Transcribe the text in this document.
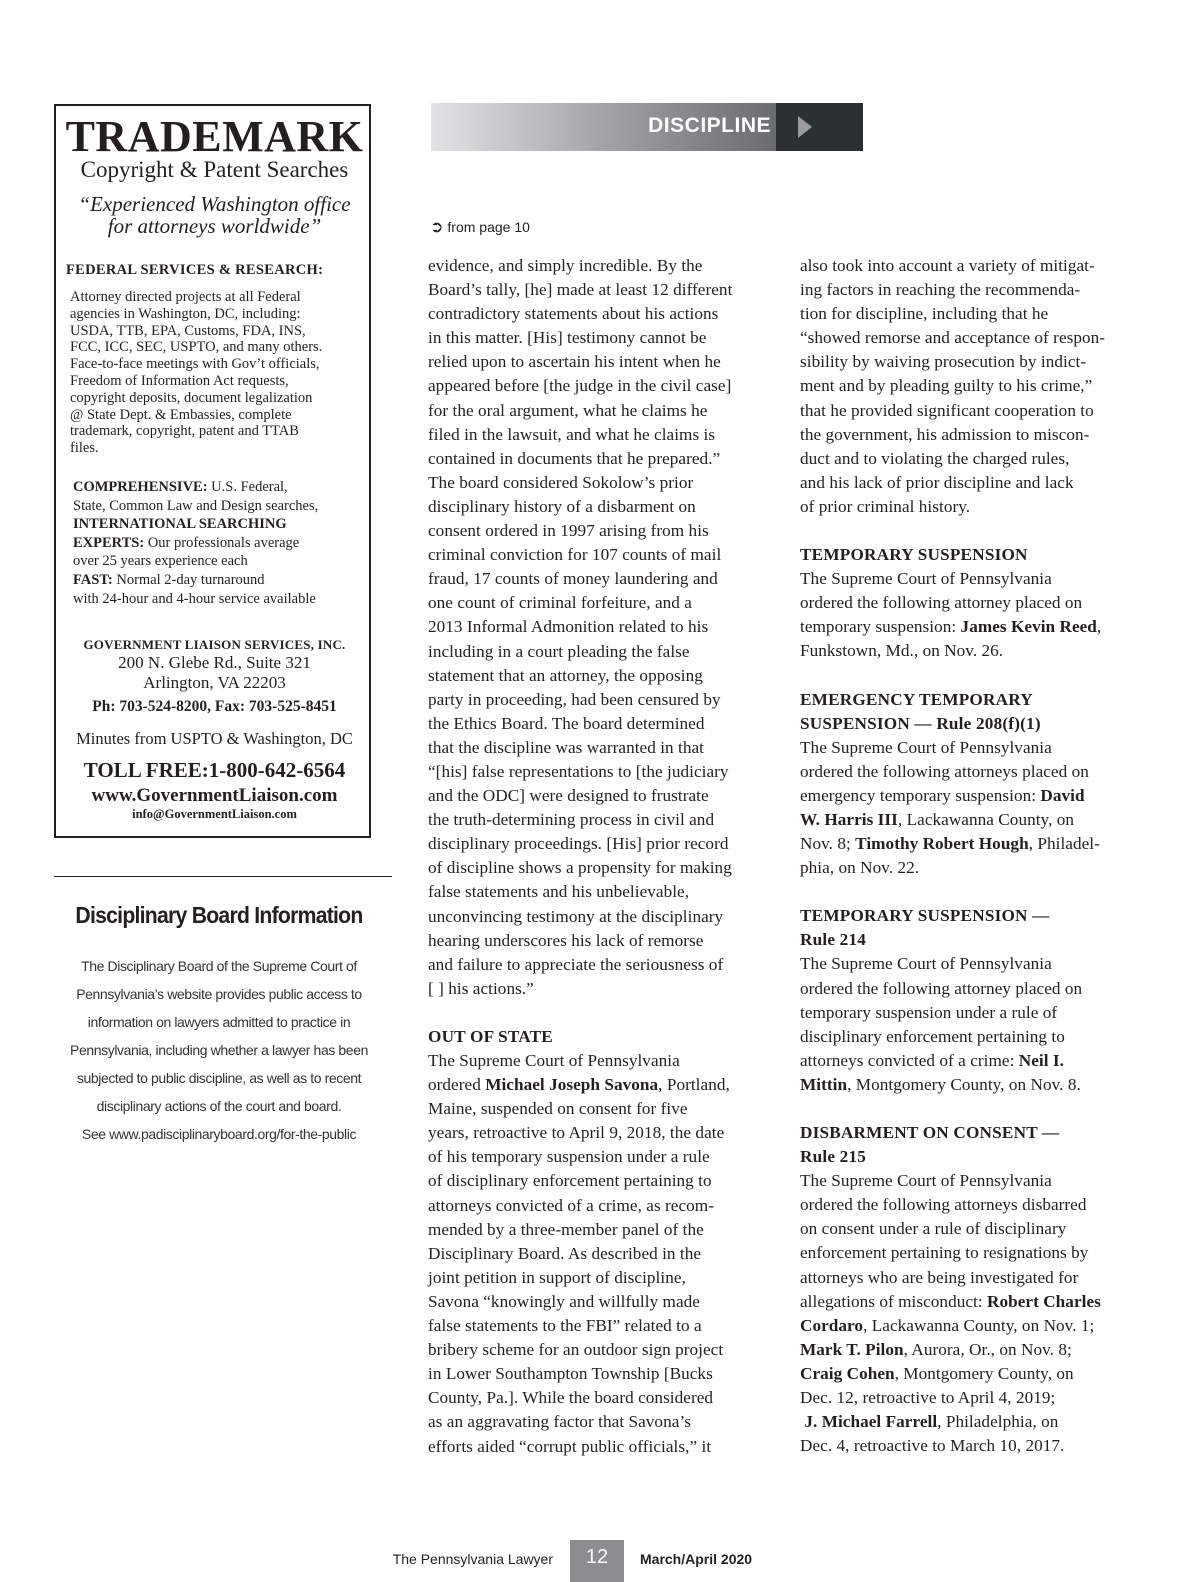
TRADEMARK
Copyright & Patent Searches
“Experienced Washington office
for attorneys worldwide”
FEDERAL SERVICES & RESEARCH:
Attorney directed projects at all Federal
agencies in Washington, DC, including:
USDA, TTB, EPA, Customs, FDA, INS,
FCC, ICC, SEC, USPTO, and many others.
Face-to-face meetings with Gov’t officials,
Freedom of Information Act requests,
copyright deposits, document legalization
@ State Dept. & Embassies, complete
trademark, copyright, patent and TTAB
files.
COMPREHENSIVE: U.S. Federal,
State, Common Law and Design searches,
INTERNATIONAL SEARCHING
EXPERTS: Our professionals average
over 25 years experience each
FAST: Normal 2-day turnaround
with 24-hour and 4-hour service available
GOVERNMENT LIAISON SERVICES, INC.
200 N. Glebe Rd., Suite 321
Arlington, VA 22203
Ph: 703-524-8200, Fax: 703-525-8451
Minutes from USPTO & Washington, DC
TOLL FREE:1-800-642-6564
www.GovernmentLiaison.com
info@GovernmentLiaison.com
Disciplinary Board Information
The Disciplinary Board of the Supreme Court of
Pennsylvania’s website provides public access to
information on lawyers admitted to practice in
Pennsylvania, including whether a lawyer has been
subjected to public discipline, as well as to recent
disciplinary actions of the court and board.
See www.padisciplinaryboard.org/for-the-public
DISCIPLINE
➲ from page 10
evidence, and simply incredible. By the
Board’s tally, [he] made at least 12 different
contradictory statements about his actions
in this matter. [His] testimony cannot be
relied upon to ascertain his intent when he
appeared before [the judge in the civil case]
for the oral argument, what he claims he
filed in the lawsuit, and what he claims is
contained in documents that he prepared.”
The board considered Sokolow’s prior
disciplinary history of a disbarment on
consent ordered in 1997 arising from his
criminal conviction for 107 counts of mail
fraud, 17 counts of money laundering and
one count of criminal forfeiture, and a
2013 Informal Admonition related to his
including in a court pleading the false
statement that an attorney, the opposing
party in proceeding, had been censured by
the Ethics Board. The board determined
that the discipline was warranted in that
“[his] false representations to [the judiciary
and the ODC] were designed to frustrate
the truth-determining process in civil and
disciplinary proceedings. [His] prior record
of discipline shows a propensity for making
false statements and his unbelievable,
unconvincing testimony at the disciplinary
hearing underscores his lack of remorse
and failure to appreciate the seriousness of
[ ] his actions.”
OUT OF STATE
The Supreme Court of Pennsylvania
ordered Michael Joseph Savona, Portland,
Maine, suspended on consent for five
years, retroactive to April 9, 2018, the date
of his temporary suspension under a rule
of disciplinary enforcement pertaining to
attorneys convicted of a crime, as recom-
mended by a three-member panel of the
Disciplinary Board. As described in the
joint petition in support of discipline,
Savona “knowingly and willfully made
false statements to the FBI” related to a
bribery scheme for an outdoor sign project
in Lower Southampton Township [Bucks
County, Pa.]. While the board considered
as an aggravating factor that Savona’s
efforts aided “corrupt public officials,” it
also took into account a variety of mitigat-
ing factors in reaching the recommenda-
tion for discipline, including that he
“showed remorse and acceptance of respon-
sibility by waiving prosecution by indict-
ment and by pleading guilty to his crime,”
that he provided significant cooperation to
the government, his admission to miscon-
duct and to violating the charged rules,
and his lack of prior discipline and lack
of prior criminal history.
TEMPORARY SUSPENSION
The Supreme Court of Pennsylvania
ordered the following attorney placed on
temporary suspension: James Kevin Reed,
Funkstown, Md., on Nov. 26.
EMERGENCY TEMPORARY
SUSPENSION — Rule 208(f)(1)
The Supreme Court of Pennsylvania
ordered the following attorneys placed on
emergency temporary suspension: David
W. Harris III, Lackawanna County, on
Nov. 8; Timothy Robert Hough, Philadel-
phia, on Nov. 22.
TEMPORARY SUSPENSION —
Rule 214
The Supreme Court of Pennsylvania
ordered the following attorney placed on
temporary suspension under a rule of
disciplinary enforcement pertaining to
attorneys convicted of a crime: Neil I.
Mittin, Montgomery County, on Nov. 8.
DISBARMENT ON CONSENT —
Rule 215
The Supreme Court of Pennsylvania
ordered the following attorneys disbarred
on consent under a rule of disciplinary
enforcement pertaining to resignations by
attorneys who are being investigated for
allegations of misconduct: Robert Charles
Cordaro, Lackawanna County, on Nov. 1;
Mark T. Pilon, Aurora, Or., on Nov. 8;
Craig Cohen, Montgomery County, on
Dec. 12, retroactive to April 4, 2019;
J. Michael Farrell, Philadelphia, on
Dec. 4, retroactive to March 10, 2017.
The Pennsylvania Lawyer	12	March/April 2020
